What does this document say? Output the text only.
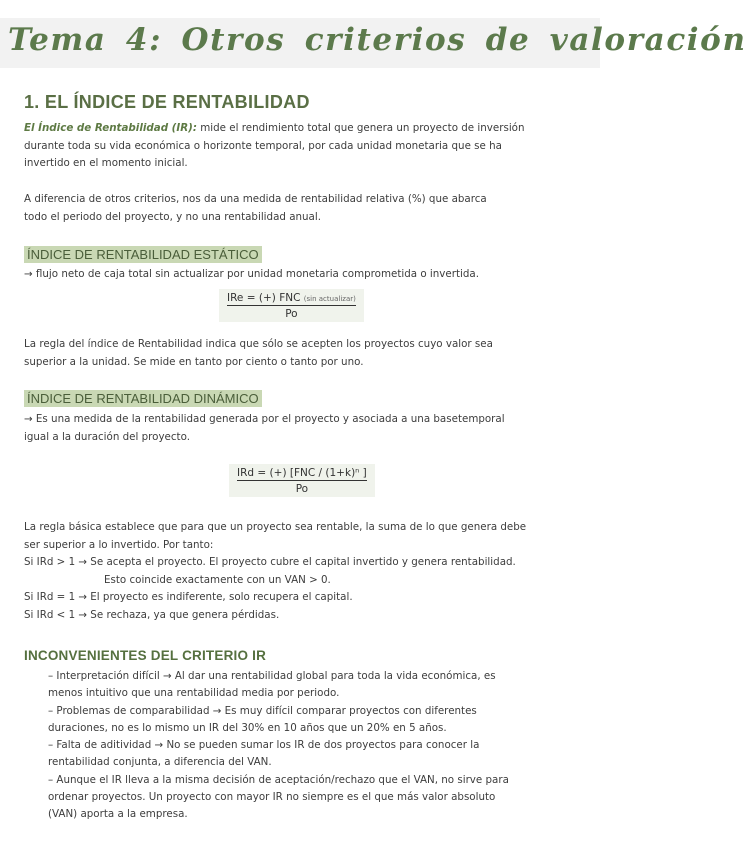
Tema 4: Otros criterios de valoración
1. EL ÍNDICE DE RENTABILIDAD
El Índice de Rentabilidad (IR): mide el rendimiento total que genera un proyecto de inversión
durante toda su vida económica o horizonte temporal, por cada unidad monetaria que se ha
invertido en el momento inicial.
A diferencia de otros criterios, nos da una medida de rentabilidad relativa (%) que abarca
todo el periodo del proyecto, y no una rentabilidad anual.
ÍNDICE DE RENTABILIDAD ESTÁTICO
→ flujo neto de caja total sin actualizar por unidad monetaria comprometida o invertida.
IRe = (+) FNC (sin actualizar)
Po
La regla del índice de Rentabilidad indica que sólo se acepten los proyectos cuyo valor sea
superior a la unidad. Se mide en tanto por ciento o tanto por uno.
ÍNDICE DE RENTABILIDAD DINÁMICO
→ Es una medida de la rentabilidad generada por el proyecto y asociada a una basetemporal
igual a la duración del proyecto.
IRd = (+) [FNC / (1+k)ⁿ ]
Po
La regla básica establece que para que un proyecto sea rentable, la suma de lo que genera debe
ser superior a lo invertido. Por tanto:
Si IRd > 1 → Se acepta el proyecto. El proyecto cubre el capital invertido y genera rentabilidad.
Esto coincide exactamente con un VAN > 0.
Si IRd = 1 → El proyecto es indiferente, solo recupera el capital.
Si IRd < 1 → Se rechaza, ya que genera pérdidas.
INCONVENIENTES DEL CRITERIO IR

– Interpretación difícil → Al dar una rentabilidad global para toda la vida económica, es
menos intuitivo que una rentabilidad media por periodo.

– Problemas de comparabilidad → Es muy difícil comparar proyectos con diferentes
duraciones, no es lo mismo un IR del 30% en 10 años que un 20% en 5 años.

– Falta de aditividad → No se pueden sumar los IR de dos proyectos para conocer la
rentabilidad conjunta, a diferencia del VAN.

– Aunque el IR lleva a la misma decisión de aceptación/rechazo que el VAN, no sirve para
ordenar proyectos. Un proyecto con mayor IR no siempre es el que más valor absoluto
(VAN) aporta a la empresa.
